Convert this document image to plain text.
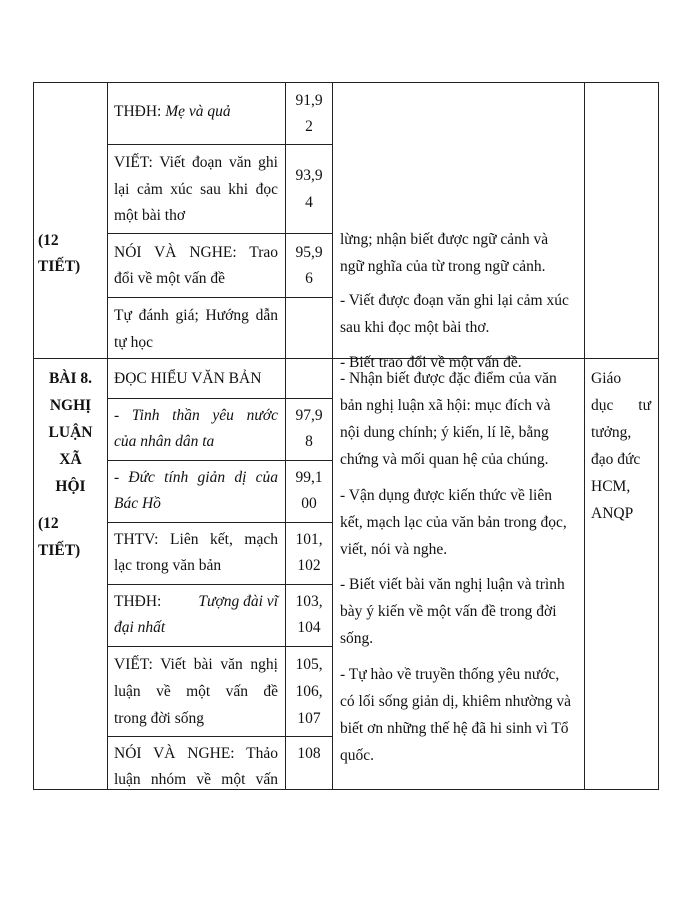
(12
TIẾT)
THĐH: Mẹ và quả
91,9
2
VIẾT: Viết đoạn văn ghi
lại cảm xúc sau khi đọc
một bài thơ
93,9
4
NÓI VÀ NGHE: Trao
đổi về một vấn đề
95,9
6
Tự đánh giá; Hướng dẫn
tự học
lừng; nhận biết được ngữ cảnh và
ngữ nghĩa của từ trong ngữ cảnh.
- Viết được đoạn văn ghi lại cảm xúc
sau khi đọc một bài thơ.
- Biết trao đổi về một vấn đề.
BÀI 8.
NGHỊ
LUẬN
XÃ
HỘI
(12
TIẾT)
ĐỌC HIỂU VĂN BẢN
- Tinh thần yêu nước
của nhân dân ta
97,9
8
- Đức tính giản dị của
Bác Hồ
99,1
00
THTV: Liên kết, mạch
lạc trong văn bản
101,
102
THĐH: Tượng đài vĩ
đại nhất
103,
104
VIẾT: Viết bài văn nghị
luận về một vấn đề
trong đời sống
105,
106,
107
NÓI VÀ NGHE: Thảo
luận nhóm về một vấn
108
- Nhận biết được đặc điểm của văn
bản nghị luận xã hội: mục đích và
nội dung chính; ý kiến, lí lẽ, bằng
chứng và mối quan hệ của chúng.
- Vận dụng được kiến thức về liên
kết, mạch lạc của văn bản trong đọc,
viết, nói và nghe.
- Biết viết bài văn nghị luận và trình
bày ý kiến về một vấn đề trong đời
sống.
- Tự hào về truyền thống yêu nước,
có lối sống giản dị, khiêm nhường và
biết ơn những thế hệ đã hi sinh vì Tổ
quốc.
Giáo
dục tư
tưởng,
đạo đức
HCM,
ANQP
